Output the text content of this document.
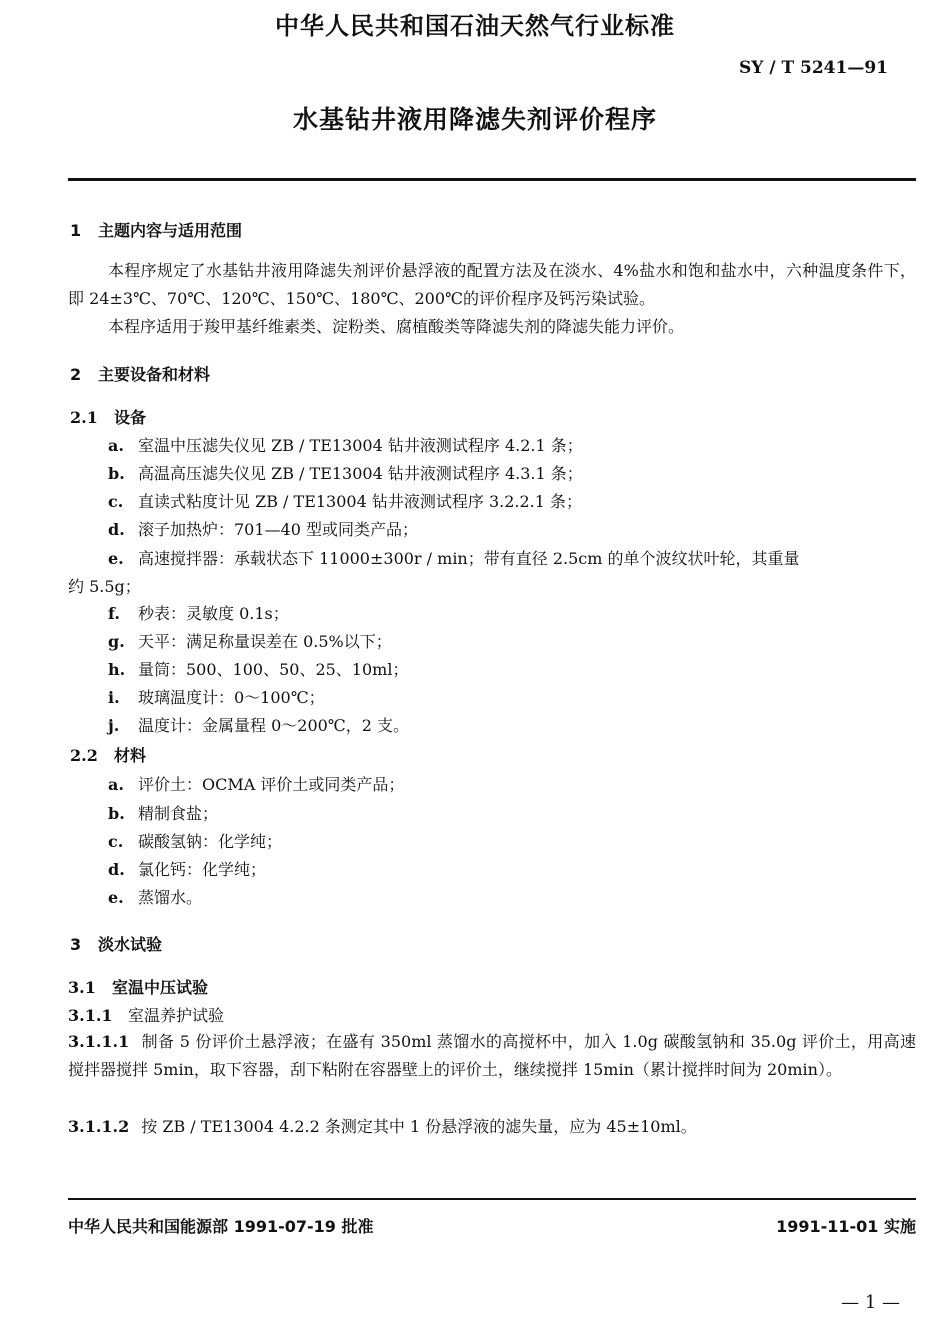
中华人民共和国石油天然气行业标准
SY / T 5241—91
水基钻井液用降滤失剂评价程序
1 主题内容与适用范围
本程序规定了水基钻井液用降滤失剂评价悬浮液的配置方法及在淡水、4%盐水和饱和盐水中，六种温度条件下，即 24±3℃、70℃、120℃、150℃、180℃、200℃的评价程序及钙污染试验。
本程序适用于羧甲基纤维素类、淀粉类、腐植酸类等降滤失剂的降滤失能力评价。
2 主要设备和材料
2.1 设备
a. 室温中压滤失仪见 ZB / TE13004 钻井液测试程序 4.2.1 条；
b. 高温高压滤失仪见 ZB / TE13004 钻井液测试程序 4.3.1 条；
c. 直读式粘度计见 ZB / TE13004 钻井液测试程序 3.2.2.1 条；
d. 滚子加热炉：701—40 型或同类产品；
e. 高速搅拌器：承载状态下 11000±300r / min；带有直径 2.5cm 的单个波纹状叶轮，其重量
约 5.5g；
f. 秒表：灵敏度 0.1s；
g. 天平：满足称量误差在 0.5%以下；
h. 量筒：500、100、50、25、10ml；
i. 玻璃温度计：0～100℃；
j. 温度计：金属量程 0～200℃，2 支。
2.2 材料
a. 评价土：OCMA 评价土或同类产品；
b. 精制食盐；
c. 碳酸氢钠：化学纯；
d. 氯化钙：化学纯；
e. 蒸馏水。
3 淡水试验
3.1 室温中压试验
3.1.1 室温养护试验
3.1.1.1 制备 5 份评价土悬浮液；在盛有 350ml 蒸馏水的高搅杯中，加入 1.0g 碳酸氢钠和 35.0g 评价土，用高速搅拌器搅拌 5min，取下容器，刮下粘附在容器壁上的评价土，继续搅拌 15min（累计搅拌时间为 20min）。
3.1.1.2 按 ZB / TE13004 4.2.2 条测定其中 1 份悬浮液的滤失量，应为 45±10ml。
中华人民共和国能源部 1991-07-19 批准	1991-11-01 实施
— 1 —
